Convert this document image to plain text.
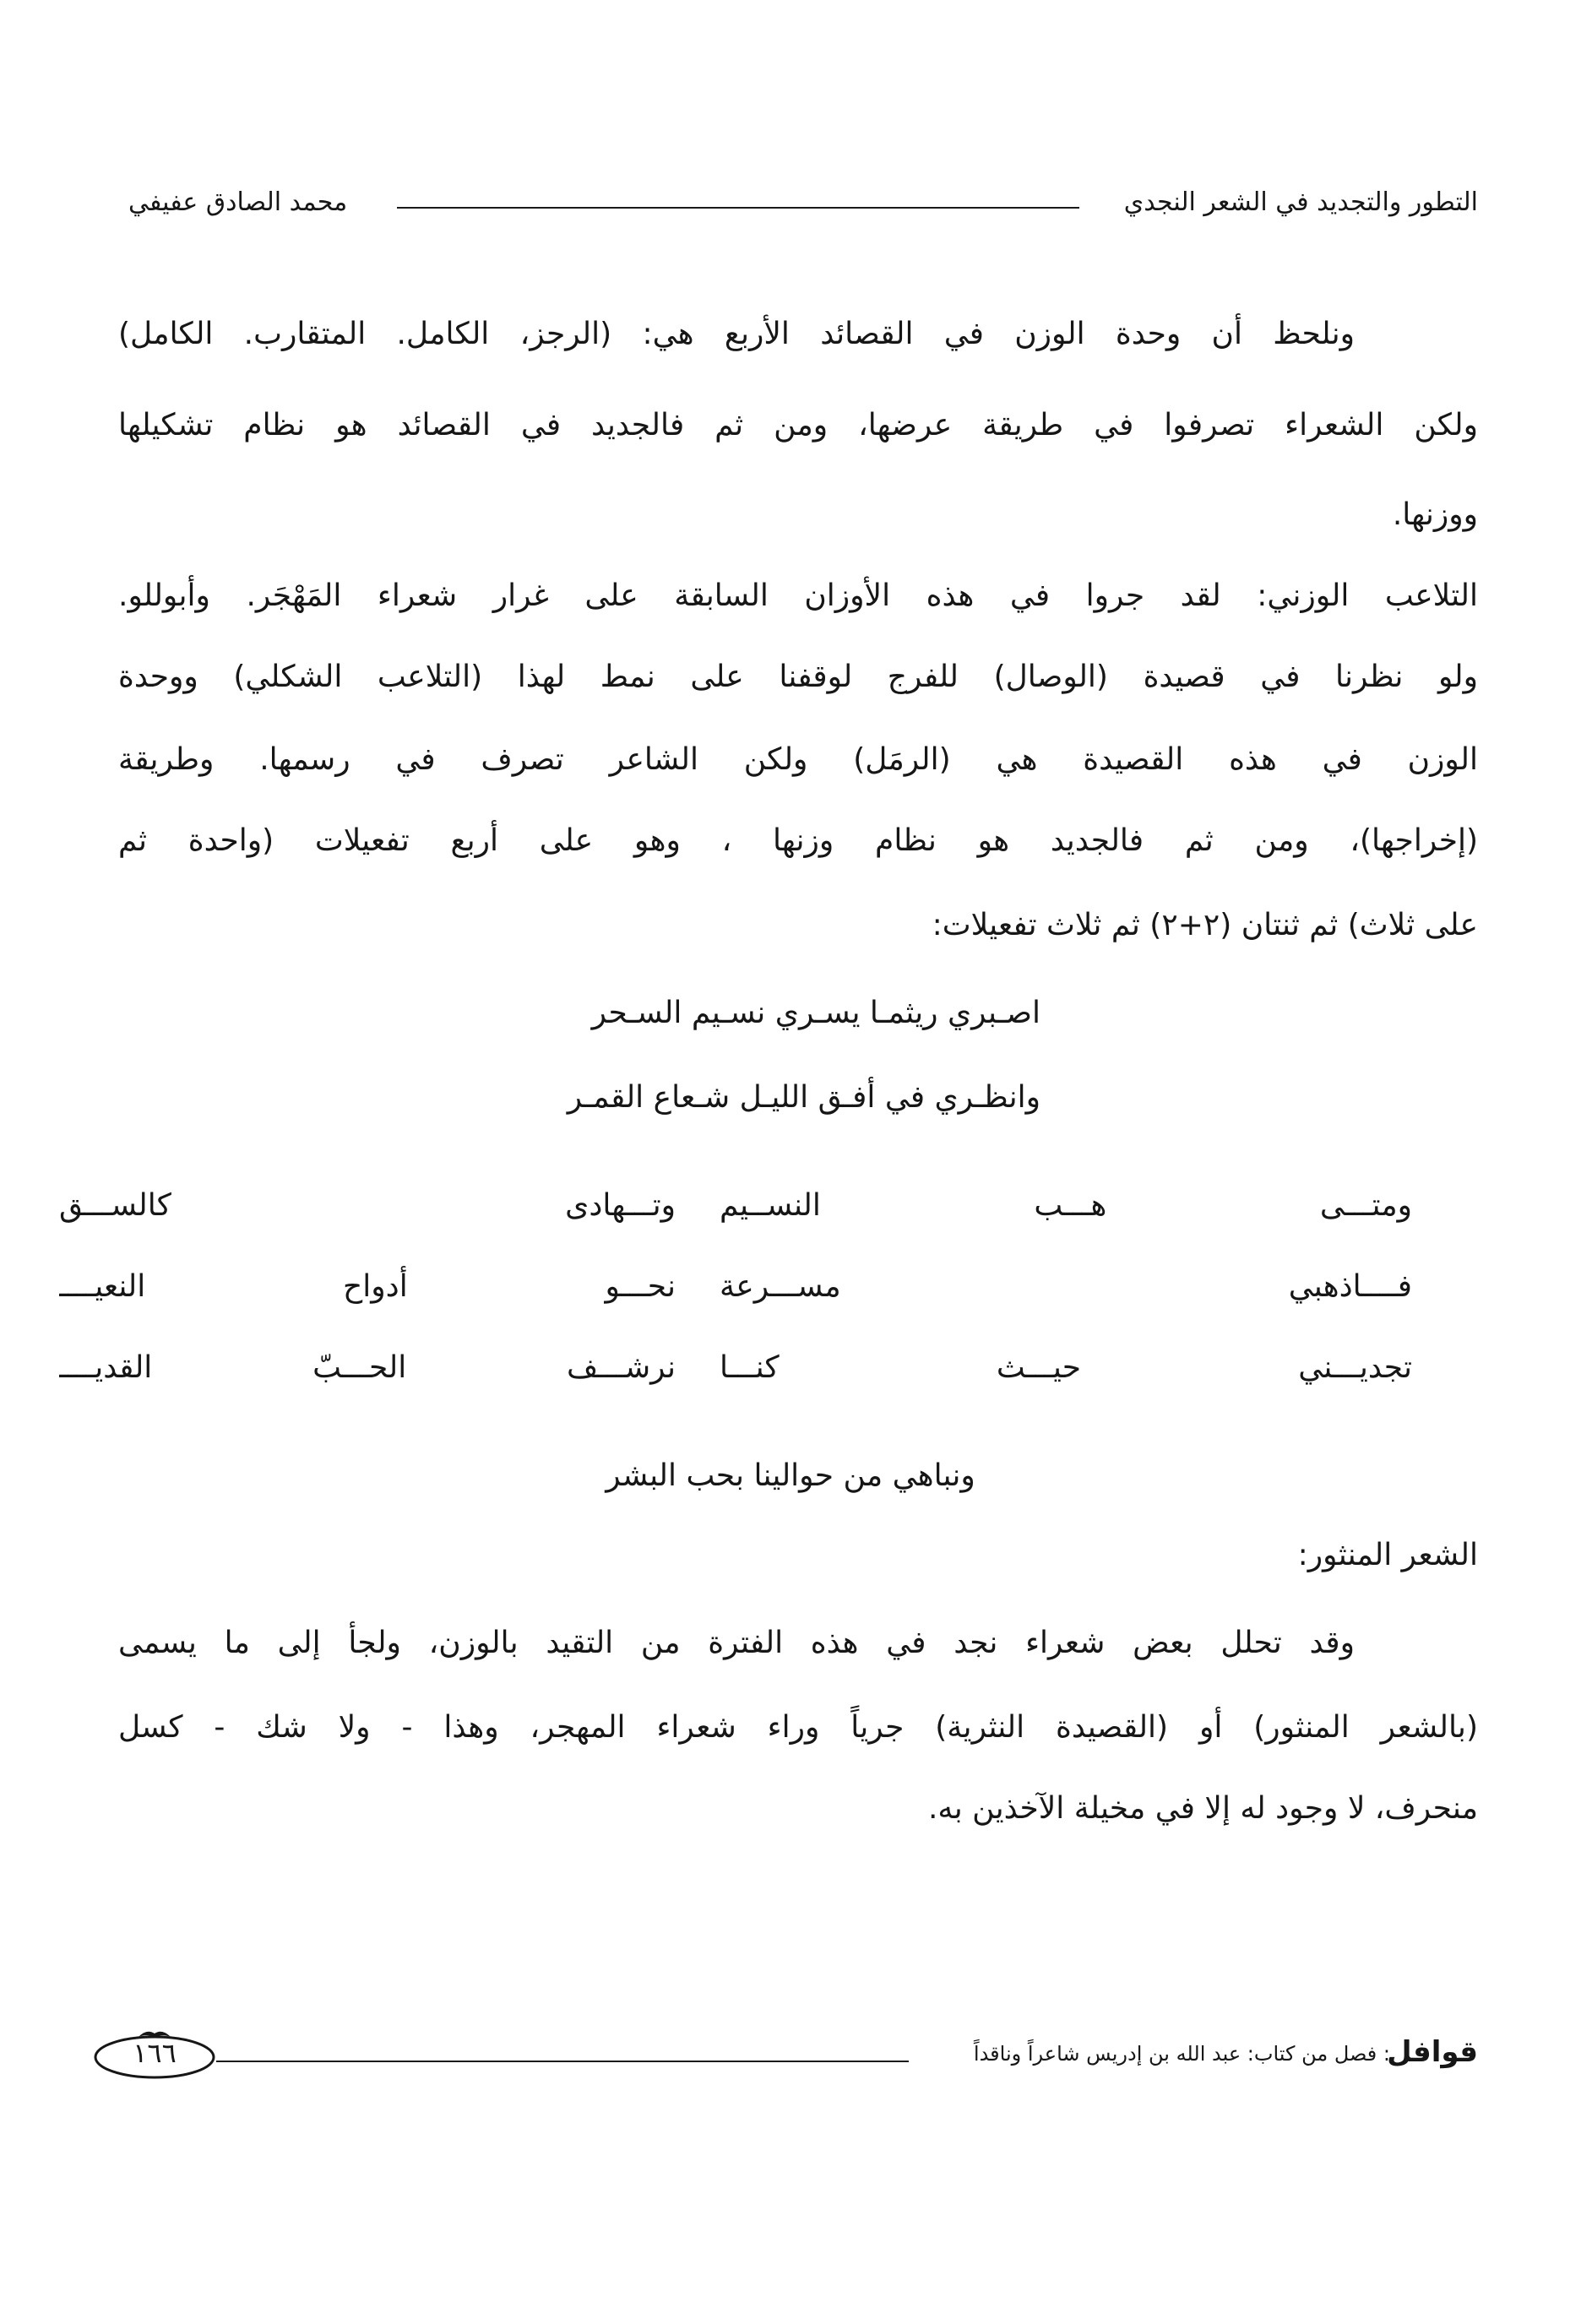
التطور والتجديد في الشعر النجدي
محمد الصادق عفيفي
ونلحظ أن وحدة الوزن في القصائد الأربع هي: (الرجز، الكامل. المتقارب. الكامل)
ولكن الشعراء تصرفوا في طريقة عرضها، ومن ثم فالجديد في القصائد هو نظام تشكيلها
ووزنها.
التلاعب الوزني: لقد جروا في هذه الأوزان السابقة على غرار شعراء المَهْجَر. وأبوللو.
ولو نظرنا في قصيدة (الوصال) للفرج لوقفنا على نمط لهذا (التلاعب الشكلي) ووحدة
الوزن في هذه القصيدة هي (الرمَل) ولكن الشاعر تصرف في رسمها. وطريقة
(إخراجها)، ومن ثم فالجديد هو نظام وزنها ، وهو على أربع تفعيلات (واحدة ثم
على ثلاث) ثم ثنتان (٢+٢) ثم ثلاث تفعيلات:
اصـبري ريثمـا يسـري نسـيم السـحر
وانظـري في أفـق الليـل شـعاع القمـر
ومتـــى هـــب النســيم
وتـــهادى كالســـق
فــــاذهبي مســـرعة
نحـــو أدواح النعيــــ
تجديـــني حيـــث كنـــا
نرشـــف الحـــبّ القديــــ
ونباهي من حوالينا بحب البشر
الشعر المنثور:
وقد تحلل بعض شعراء نجد في هذه الفترة من التقيد بالوزن، ولجأ إلى ما يسمى
(بالشعر المنثور) أو (القصيدة النثرية) جرياً وراء شعراء المهجر، وهذا - ولا شك - كسل
منحرف، لا وجود له إلا في مخيلة الآخذين به.
قوافل
: فصل من كتاب: عبد الله بن إدريس شاعراً وناقداً
١٦٦
